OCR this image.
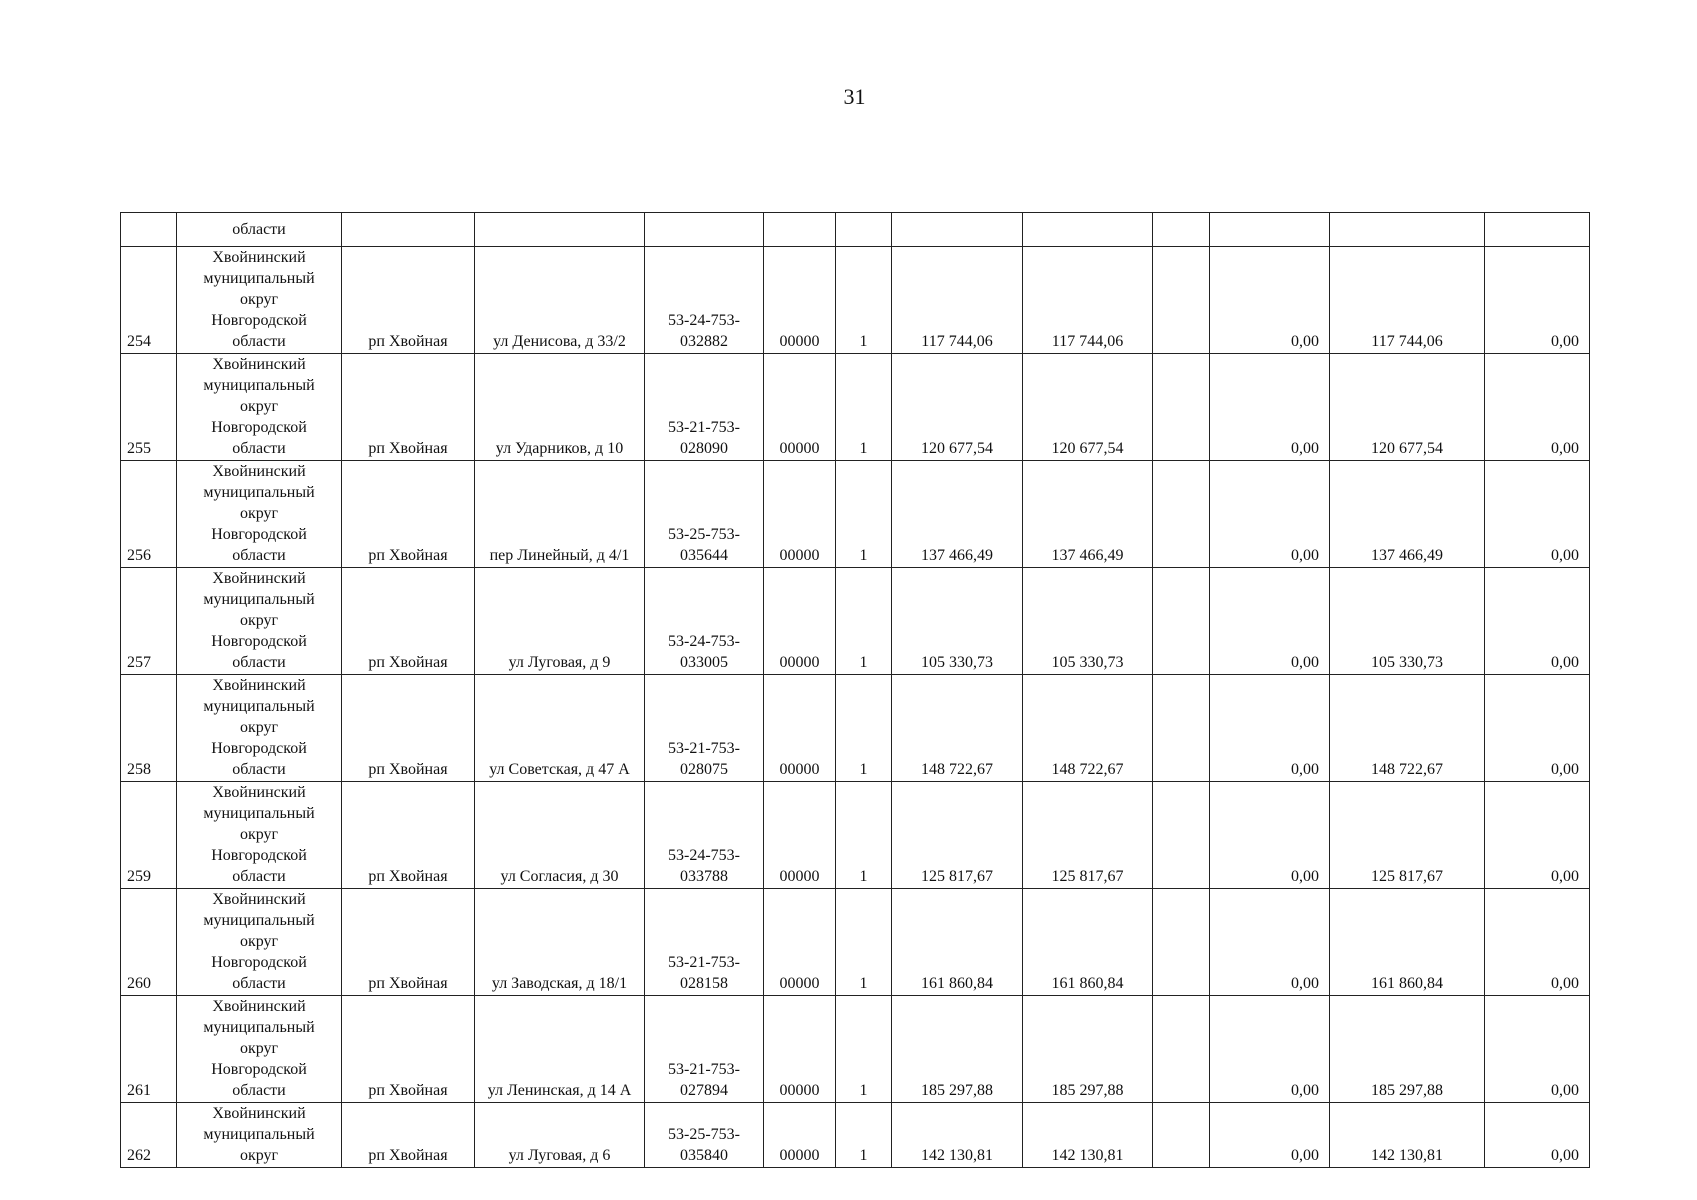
31
	области											
254	Хвойнинский
муниципальный
округ
Новгородской
области	рп Хвойная	ул Денисова, д 33/2	53-24-753-032882	00000	1	117 744,06	117 744,06		0,00	117 744,06	0,00
255	Хвойнинский
муниципальный
округ
Новгородской
области	рп Хвойная	ул Ударников, д 10	53-21-753-028090	00000	1	120 677,54	120 677,54		0,00	120 677,54	0,00
256	Хвойнинский
муниципальный
округ
Новгородской
области	рп Хвойная	пер Линейный, д 4/1	53-25-753-035644	00000	1	137 466,49	137 466,49		0,00	137 466,49	0,00
257	Хвойнинский
муниципальный
округ
Новгородской
области	рп Хвойная	ул Луговая, д 9	53-24-753-033005	00000	1	105 330,73	105 330,73		0,00	105 330,73	0,00
258	Хвойнинский
муниципальный
округ
Новгородской
области	рп Хвойная	ул Советская, д 47 А	53-21-753-028075	00000	1	148 722,67	148 722,67		0,00	148 722,67	0,00
259	Хвойнинский
муниципальный
округ
Новгородской
области	рп Хвойная	ул Согласия, д 30	53-24-753-033788	00000	1	125 817,67	125 817,67		0,00	125 817,67	0,00
260	Хвойнинский
муниципальный
округ
Новгородской
области	рп Хвойная	ул Заводская, д 18/1	53-21-753-028158	00000	1	161 860,84	161 860,84		0,00	161 860,84	0,00
261	Хвойнинский
муниципальный
округ
Новгородской
области	рп Хвойная	ул Ленинская, д 14 А	53-21-753-027894	00000	1	185 297,88	185 297,88		0,00	185 297,88	0,00
262	Хвойнинский
муниципальный
округ	рп Хвойная	ул Луговая, д 6	53-25-753-035840	00000	1	142 130,81	142 130,81		0,00	142 130,81	0,00
